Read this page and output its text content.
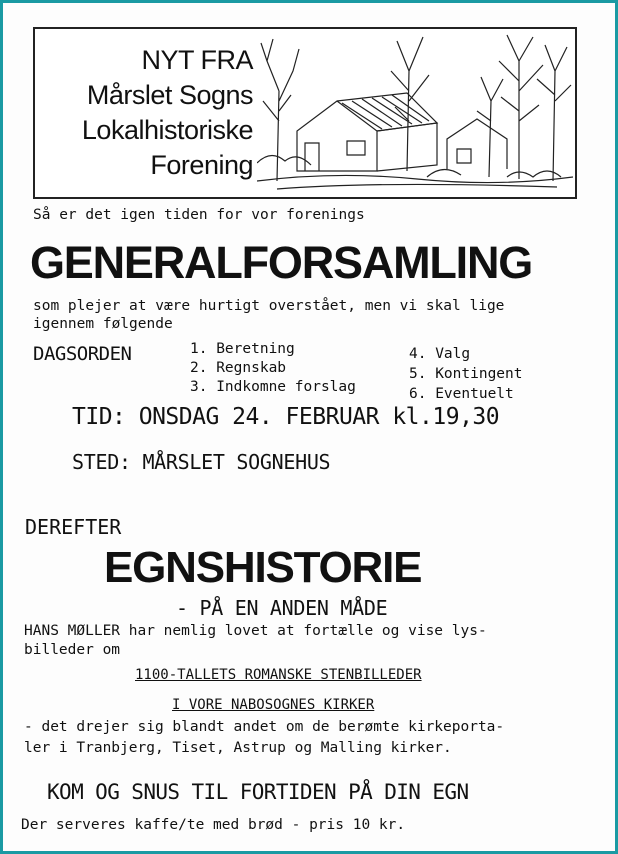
NYT FRA
Mårslet Sogns
Lokalhistoriske
Forening
Så er det igen tiden for vor forenings
GENERALFORSAMLING
som plejer at være hurtigt overstået, men vi skal lige
igennem følgende
DAGSORDEN	1. Beretning
2. Regnskab
3. Indkomne forslag
4. Valg
5. Kontingent
6. Eventuelt
TID: ONSDAG 24. FEBRUAR kl.19,30
STED: MÅRSLET SOGNEHUS
DEREFTER
EGNSHISTORIE
- PÅ EN ANDEN MÅDE
HANS MØLLER har nemlig lovet at fortælle og vise lys-
billeder om
1100-TALLETS ROMANSKE STENBILLEDER
I VORE NABOSOGNES KIRKER
- det drejer sig blandt andet om de berømte kirkeporta-
ler i Tranbjerg, Tiset, Astrup og Malling kirker.
KOM OG SNUS TIL FORTIDEN PÅ DIN EGN
Der serveres kaffe/te med brød - pris 10 kr.
